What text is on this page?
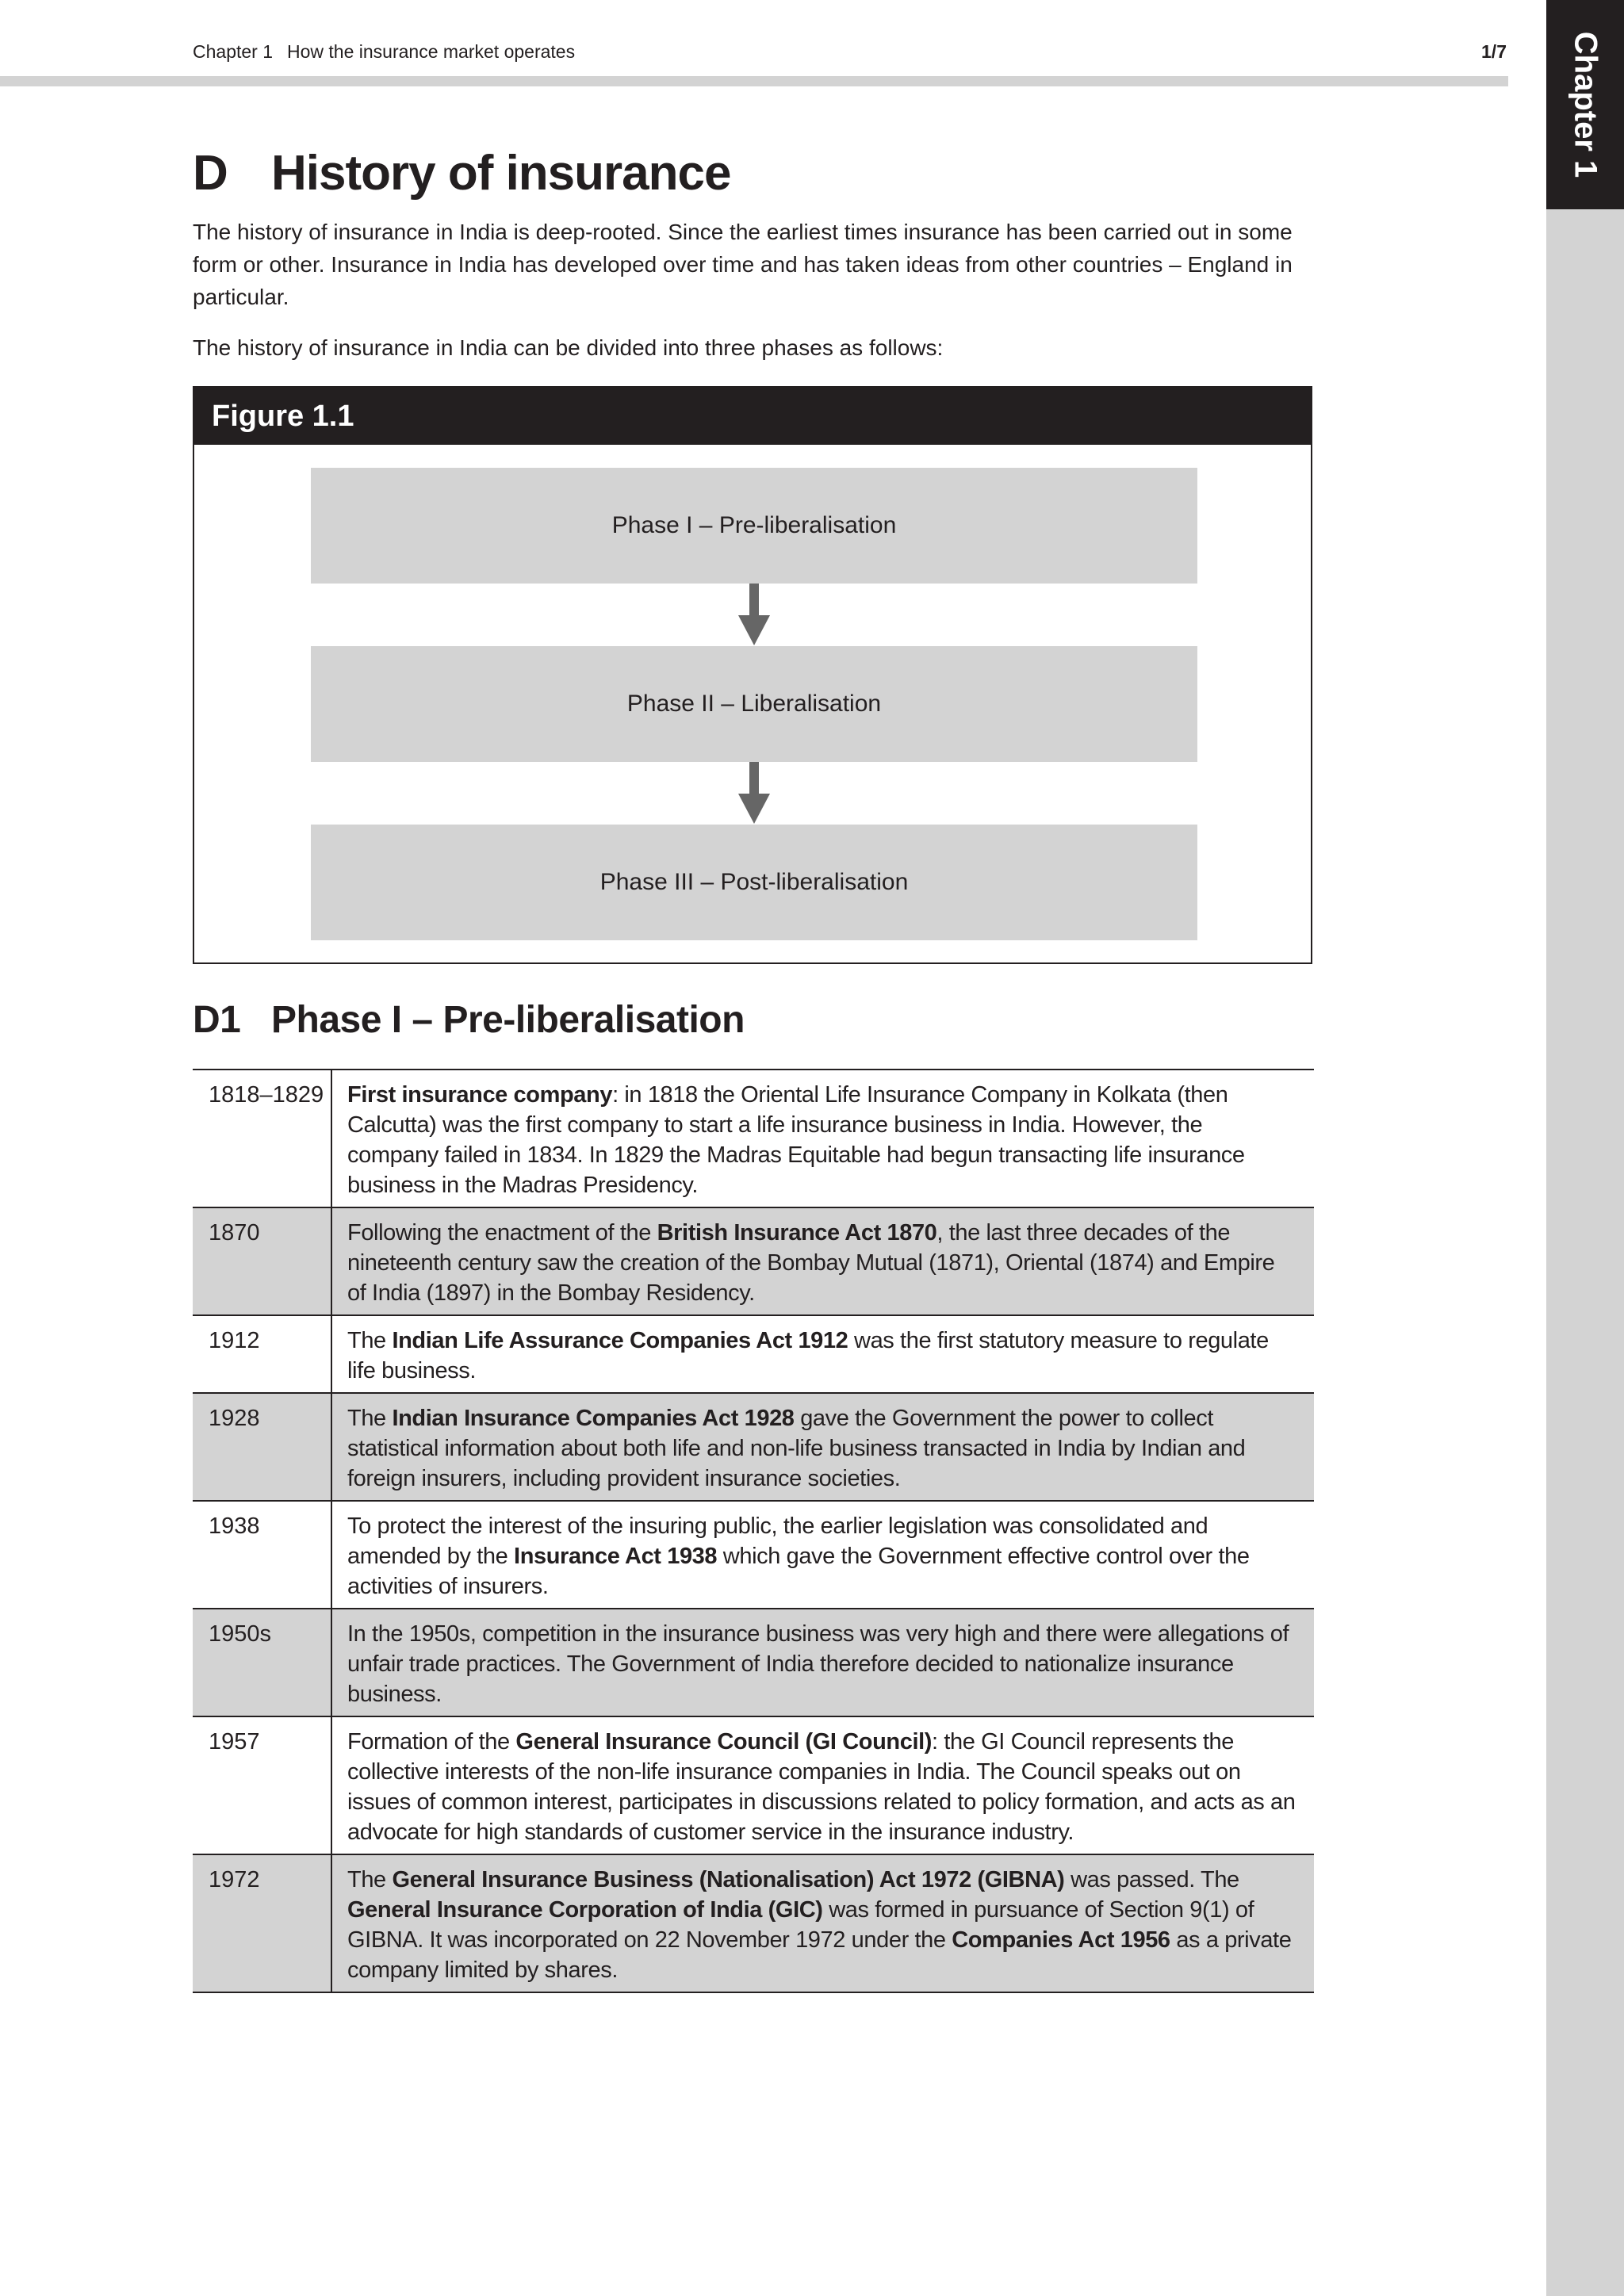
Chapter 1 How the insurance market operates	1/7 Chapter 1
D History of insurance

The history of insurance in India is deep-rooted. Since the earliest times insurance has been carried out in some form or other. Insurance in India has developed over time and has taken ideas from other countries – England in particular.

The history of insurance in India can be divided into three phases as follows:

Figure 1.1
Phase I – Pre-liberalisation
Phase II – Liberalisation
Phase III – Post-liberalisation
D1 Phase I – Pre-liberalisation
1818–1829	First insurance company: in 1818 the Oriental Life Insurance Company in Kolkata (then Calcutta) was the first company to start a life insurance business in India. However, the company failed in 1834. In 1829 the Madras Equitable had begun transacting life insurance business in the Madras Presidency.
1870	Following the enactment of the British Insurance Act 1870, the last three decades of the nineteenth century saw the creation of the Bombay Mutual (1871), Oriental (1874) and Empire of India (1897) in the Bombay Residency.
1912	The Indian Life Assurance Companies Act 1912 was the first statutory measure to regulate life business.
1928	The Indian Insurance Companies Act 1928 gave the Government the power to collect statistical information about both life and non-life business transacted in India by Indian and foreign insurers, including provident insurance societies.
1938	To protect the interest of the insuring public, the earlier legislation was consolidated and amended by the Insurance Act 1938 which gave the Government effective control over the activities of insurers.
1950s	In the 1950s, competition in the insurance business was very high and there were allegations of unfair trade practices. The Government of India therefore decided to nationalize insurance business.
1957	Formation of the General Insurance Council (GI Council): the GI Council represents the collective interests of the non-life insurance companies in India. The Council speaks out on issues of common interest, participates in discussions related to policy formation, and acts as an advocate for high standards of customer service in the insurance industry.
1972	The General Insurance Business (Nationalisation) Act 1972 (GIBNA) was passed. The General Insurance Corporation of India (GIC) was formed in pursuance of Section 9(1) of GIBNA. It was incorporated on 22 November 1972 under the Companies Act 1956 as a private company limited by shares.
